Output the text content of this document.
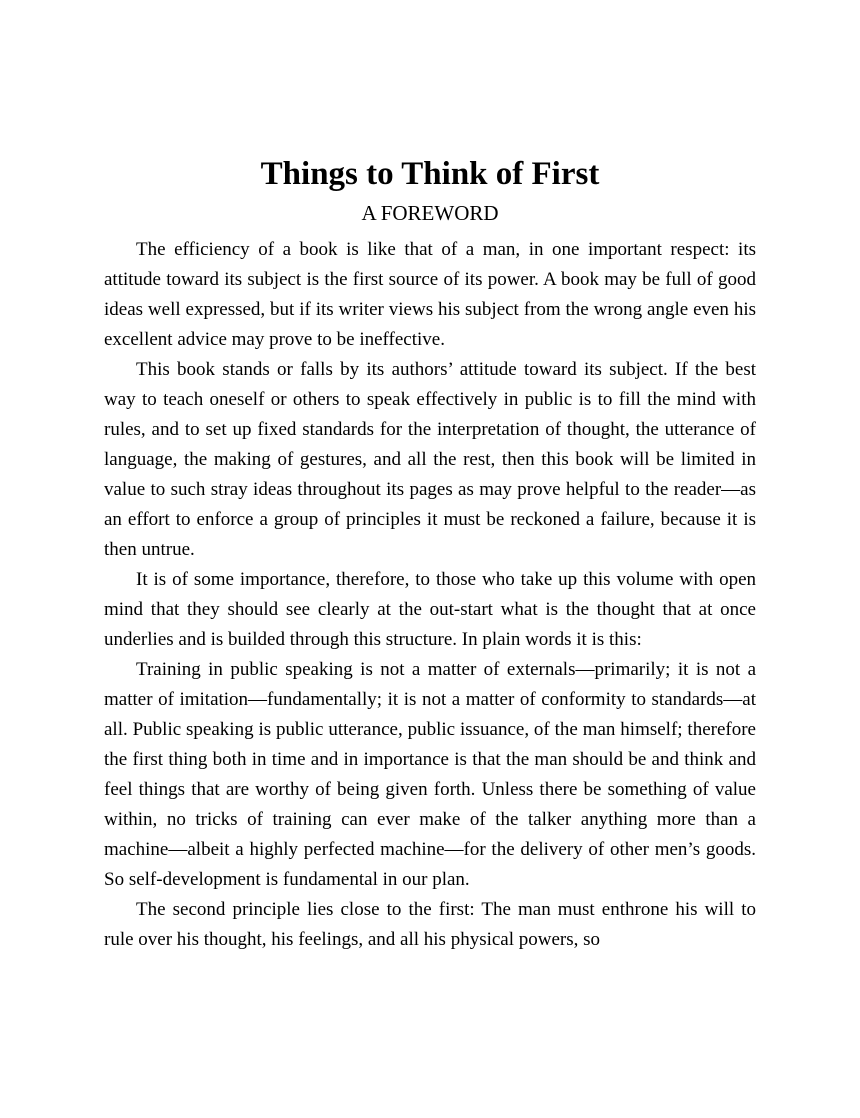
Things to Think of First
A FOREWORD

The efficiency of a book is like that of a man, in one important respect: its attitude toward its subject is the first source of its power. A book may be full of good ideas well expressed, but if its writer views his subject from the wrong angle even his excellent advice may prove to be ineffective.

This book stands or falls by its authors’ attitude toward its subject. If the best way to teach oneself or others to speak effectively in public is to fill the mind with rules, and to set up fixed standards for the interpretation of thought, the utterance of language, the making of gestures, and all the rest, then this book will be limited in value to such stray ideas throughout its pages as may prove helpful to the reader—as an effort to enforce a group of principles it must be reckoned a failure, because it is then untrue.

It is of some importance, therefore, to those who take up this volume with open mind that they should see clearly at the out-start what is the thought that at once underlies and is builded through this structure. In plain words it is this:

Training in public speaking is not a matter of externals—primarily; it is not a matter of imitation—fundamentally; it is not a matter of conformity to standards—at all. Public speaking is public utterance, public issuance, of the man himself; therefore the first thing both in time and in importance is that the man should be and think and feel things that are worthy of being given forth. Unless there be something of value within, no tricks of training can ever make of the talker anything more than a machine—albeit a highly perfected machine—for the delivery of other men’s goods. So self-development is fundamental in our plan.

The second principle lies close to the first: The man must enthrone his will to rule over his thought, his feelings, and all his physical powers, so
